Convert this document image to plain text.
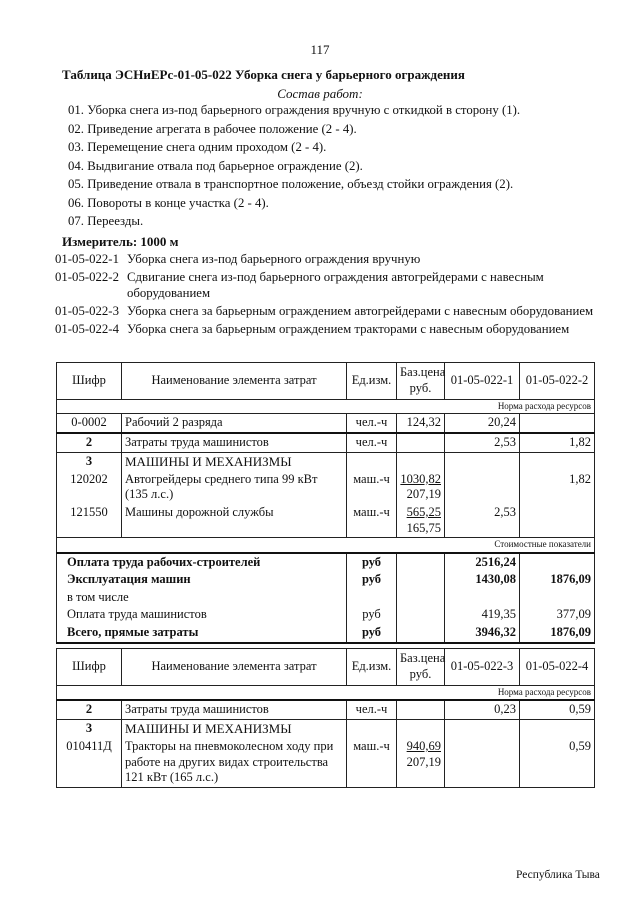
117
Таблица ЭСНиЕРс-01-05-022 Уборка снега у барьерного ограждения
Состав работ:
01. Уборка снега из-под барьерного ограждения вручную с откидкой в сторону (1).
02. Приведение агрегата в рабочее положение (2 - 4).
03. Перемещение снега одним проходом (2 - 4).
04. Выдвигание отвала под барьерное ограждение (2).
05. Приведение отвала в транспортное положение, объезд стойки ограждения (2).
06. Повороты в конце участка (2 - 4).
07. Переезды.
Измеритель: 1000 м
01-05-022-1 Уборка снега из-под барьерного ограждения вручную
01-05-022-2 Сдвигание снега из-под барьерного ограждения автогрейдерами с навесным оборудованием
01-05-022-3 Уборка снега за барьерным ограждением автогрейдерами с навесным оборудованием
01-05-022-4 Уборка снега за барьерным ограждением тракторами с навесным оборудованием
Шифр	Наименование элемента затрат	Ед.изм.	Баз.цена руб.	01-05-022-1	01-05-022-2
				Норма расхода ресурсов	
0-0002	Рабочий 2 разряда	чел.-ч	124,32	20,24	
2	Затраты труда машинистов	чел.-ч		2,53	1,82
3	МАШИНЫ И МЕХАНИЗМЫ				
120202	Автогрейдеры среднего типа 99 кВт (135 л.с.)	маш.-ч	1030,82
207,19		1,82
121550	Машины дорожной службы	маш.-ч	565,25
165,75	2,53	
				Стоимостные показатели	
Оплата труда рабочих-строителей		руб		2516,24	
Эксплуатация машин		руб		1430,08	1876,09
в том числе					
Оплата труда машинистов		руб		419,35	377,09
Всего, прямые затраты		руб		3946,32	1876,09
Шифр	Наименование элемента затрат	Ед.изм.	Баз.цена руб.	01-05-022-3	01-05-022-4
				Норма расхода ресурсов	
2	Затраты труда машинистов	чел.-ч		0,23	0,59
3	МАШИНЫ И МЕХАНИЗМЫ				
010411Д	Тракторы на пневмоколесном ходу при работе на других видах строительства 121 кВт (165 л.с.)	маш.-ч	940,69
207,19		0,59
Республика Тыва
